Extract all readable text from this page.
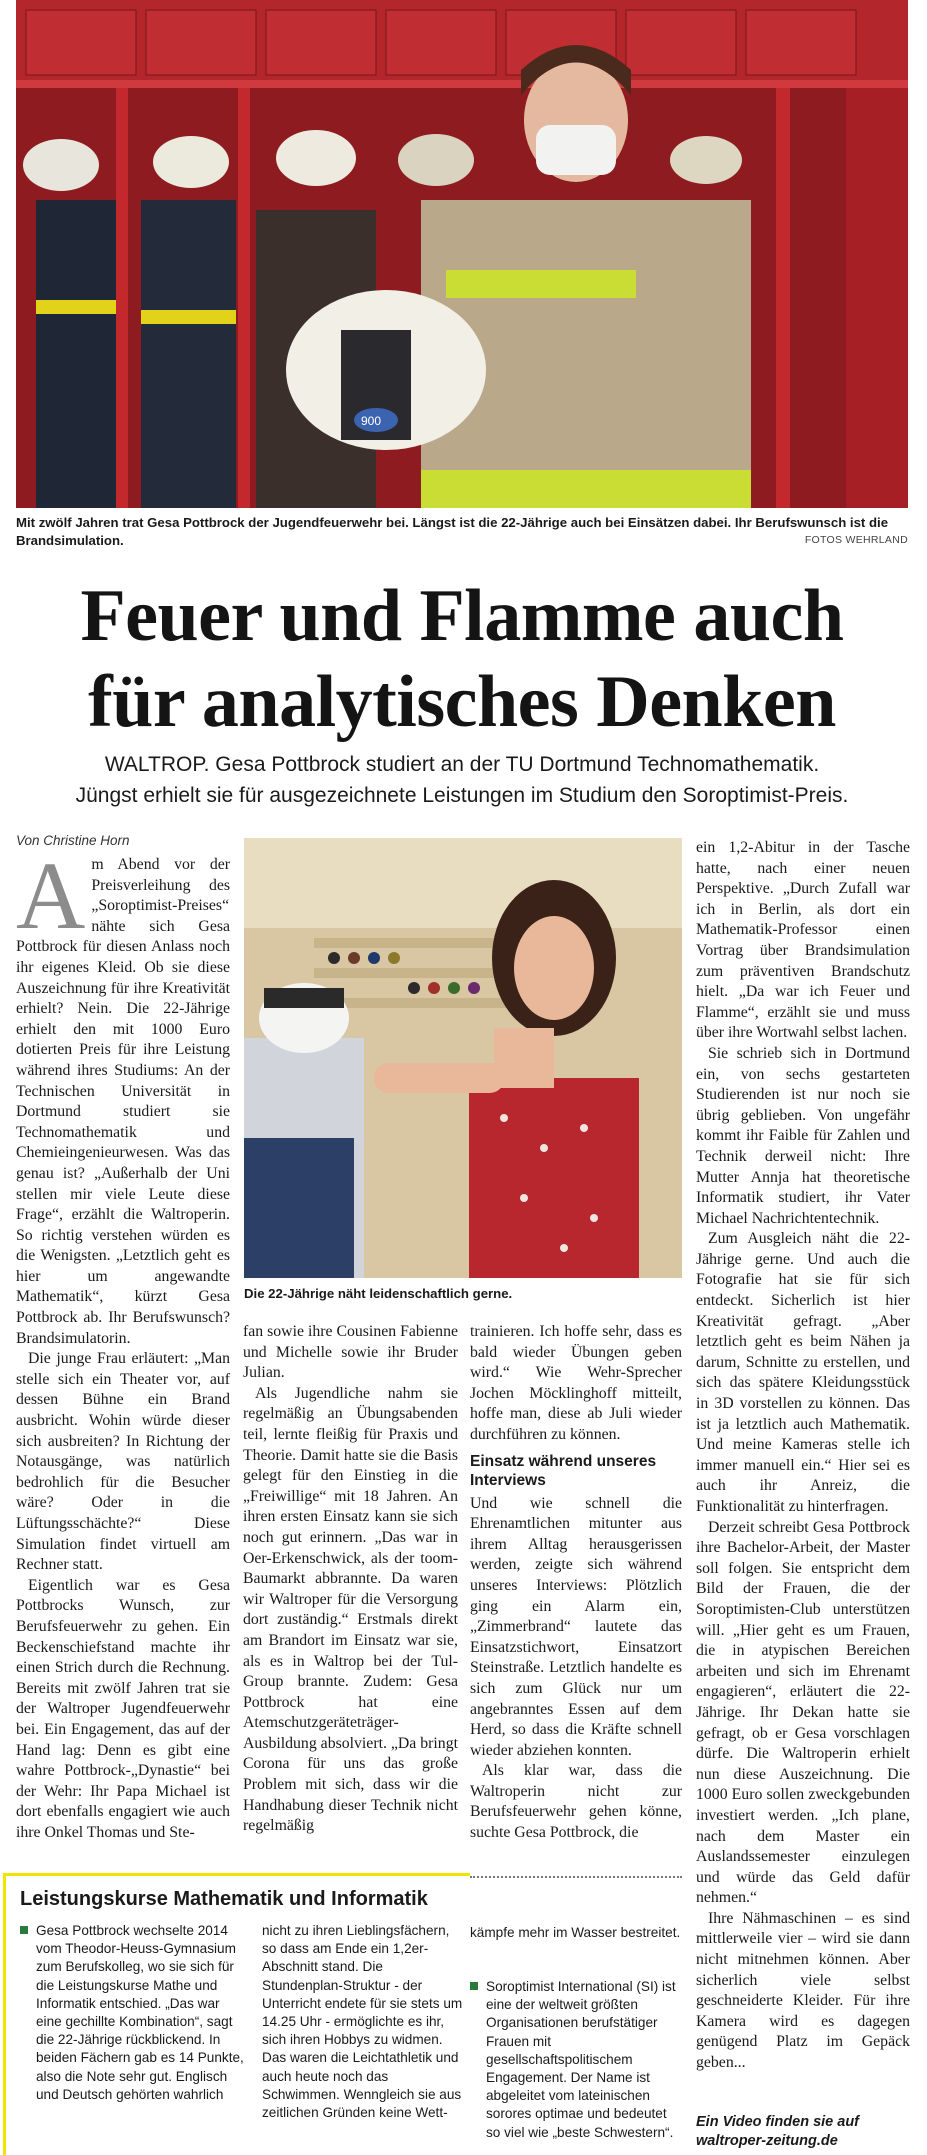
900
Mit zwölf Jahren trat Gesa Pottbrock der Jugendfeuerwehr bei. Längst ist die 22-Jährige auch bei Einsätzen dabei. Ihr Berufswunsch ist die Brandsimulation.	FOTOS WEHRLAND
Feuer und Flamme auch
für analytisches Denken
WALTROP. Gesa Pottbrock studiert an der TU Dortmund Technomathematik.
Jüngst erhielt sie für ausgezeichnete Leistungen im Studium den Soroptimist-Preis.
Von Christine Horn

Am Abend vor der Preisverleihung des „Soroptimist-Preises“ nähte sich Gesa Pottbrock für diesen Anlass noch ihr eigenes Kleid. Ob sie diese Auszeichnung für ihre Kreativität erhielt? Nein. Die 22-Jährige erhielt den mit 1000 Euro dotierten Preis für ihre Leistung während ihres Studiums: An der Technischen Universität in Dortmund studiert sie Technomathematik und Chemieingenieurwesen. Was das genau ist? „Außerhalb der Uni stellen mir viele Leute diese Frage“, erzählt die Waltroperin. So richtig verstehen würden es die Wenigsten. „Letztlich geht es hier um angewandte Mathematik“, kürzt Gesa Pottbrock ab. Ihr Berufswunsch? Brandsimulatorin.

Die junge Frau erläutert: „Man stelle sich ein Theater vor, auf dessen Bühne ein Brand ausbricht. Wohin würde dieser sich ausbreiten? In Richtung der Notausgänge, was natürlich bedrohlich für die Besucher wäre? Oder in die Lüftungsschächte?“ Diese Simulation findet virtuell am Rechner statt.

Eigentlich war es Gesa Pottbrocks Wunsch, zur Berufsfeuerwehr zu gehen. Ein Beckenschiefstand machte ihr einen Strich durch die Rechnung. Bereits mit zwölf Jahren trat sie der Waltroper Jugendfeuerwehr bei. Ein Engagement, das auf der Hand lag: Denn es gibt eine wahre Pottbrock-„Dynastie“ bei der Wehr: Ihr Papa Michael ist dort ebenfalls engagiert wie auch ihre Onkel Thomas und Ste-

Die 22-Jährige näht leidenschaftlich gerne.

fan sowie ihre Cousinen Fabienne und Michelle sowie ihr Bruder Julian.

Als Jugendliche nahm sie regelmäßig an Übungsabenden teil, lernte fleißig für Praxis und Theorie. Damit hatte sie die Basis gelegt für den Einstieg in die „Freiwillige“ mit 18 Jahren. An ihren ersten Einsatz kann sie sich noch gut erinnern. „Das war in Oer-Erkenschwick, als der toom-Baumarkt abbrannte. Da waren wir Waltroper für die Versorgung dort zuständig.“ Erstmals direkt am Brandort im Einsatz war sie, als es in Waltrop bei der Tul-Group brannte. Zudem: Gesa Pottbrock hat eine Atemschutzgeräteträger-Ausbildung absolviert. „Da bringt Corona für uns das große Problem mit sich, dass wir die Handhabung dieser Technik nicht regelmäßig

trainieren. Ich hoffe sehr, dass es bald wieder Übungen geben wird.“ Wie Wehr-Sprecher Jochen Möcklinghoff mitteilt, hoffe man, diese ab Juli wieder durchführen zu können.

Einsatz während unseres Interviews

Und wie schnell die Ehrenamtlichen mitunter aus ihrem Alltag herausgerissen werden, zeigte sich während unseres Interviews: Plötzlich ging ein Alarm ein, „Zimmerbrand“ lautete das Einsatzstichwort, Einsatzort Steinstraße. Letztlich handelte es sich zum Glück nur um angebranntes Essen auf dem Herd, so dass die Kräfte schnell wieder abziehen konnten.

Als klar war, dass die Waltroperin nicht zur Berufsfeuerwehr gehen könne, suchte Gesa Pottbrock, die

ein 1,2-Abitur in der Tasche hatte, nach einer neuen Perspektive. „Durch Zufall war ich in Berlin, als dort ein Mathematik-Professor einen Vortrag über Brandsimulation zum präventiven Brandschutz hielt. „Da war ich Feuer und Flamme“, erzählt sie und muss über ihre Wortwahl selbst lachen.

Sie schrieb sich in Dortmund ein, von sechs gestarteten Studierenden ist nur noch sie übrig geblieben. Von ungefähr kommt ihr Faible für Zahlen und Technik derweil nicht: Ihre Mutter Annja hat theoretische Informatik studiert, ihr Vater Michael Nachrichtentechnik.

Zum Ausgleich näht die 22-Jährige gerne. Und auch die Fotografie hat sie für sich entdeckt. Sicherlich ist hier Kreativität gefragt. „Aber letztlich geht es beim Nähen ja darum, Schnitte zu erstellen, und sich das spätere Kleidungsstück in 3D vorstellen zu können. Das ist ja letztlich auch Mathematik. Und meine Kameras stelle ich immer manuell ein.“ Hier sei es auch ihr Anreiz, die Funktionalität zu hinterfragen.

Derzeit schreibt Gesa Pottbrock ihre Bachelor-Arbeit, der Master soll folgen. Sie entspricht dem Bild der Frauen, die der Soroptimisten-Club unterstützen will. „Hier geht es um Frauen, die in atypischen Bereichen arbeiten und sich im Ehrenamt engagieren“, erläutert die 22-Jährige. Ihr Dekan hatte sie gefragt, ob er Gesa vorschlagen dürfe. Die Waltroperin erhielt nun diese Auszeichnung. Die 1000 Euro sollen zweckgebunden investiert werden. „Ich plane, nach dem Master ein Auslandssemester einzulegen und würde das Geld dafür nehmen.“

Ihre Nähmaschinen – es sind mittlerweile vier – wird sie dann nicht mitnehmen können. Aber sicherlich viele selbst geschneiderte Kleider. Für ihre Kamera wird es dagegen genügend Platz im Gepäck geben...

Ein Video finden sie auf
waltroper-zeitung.de
Leistungskurse Mathematik und Informatik
Gesa Pottbrock wechselte 2014 vom Theodor-Heuss-Gymnasium zum Berufskolleg, wo sie sich für die Leistungskurse Mathe und Informatik entschied. „Das war eine gechillte Kombination“, sagt die 22-Jährige rückblickend. In beiden Fächern gab es 14 Punkte, also die Note sehr gut. Englisch und Deutsch gehörten wahrlich
nicht zu ihren Lieblingsfächern, so dass am Ende ein 1,2er- Abschnitt stand. Die Stundenplan-Struktur - der Unterricht endete für sie stets um 14.25 Uhr - ermöglichte es ihr, sich ihren Hobbys zu widmen. Das waren die Leichtathletik und auch heute noch das Schwimmen. Wenngleich sie aus zeitlichen Gründen keine Wett-
kämpfe mehr im Wasser bestreitet.
Soroptimist International (SI) ist eine der weltweit größten Organisationen berufstätiger Frauen mit gesellschaftspolitischem Engagement. Der Name ist abgeleitet vom lateinischen sorores optimae und bedeutet so viel wie „beste Schwestern“.
